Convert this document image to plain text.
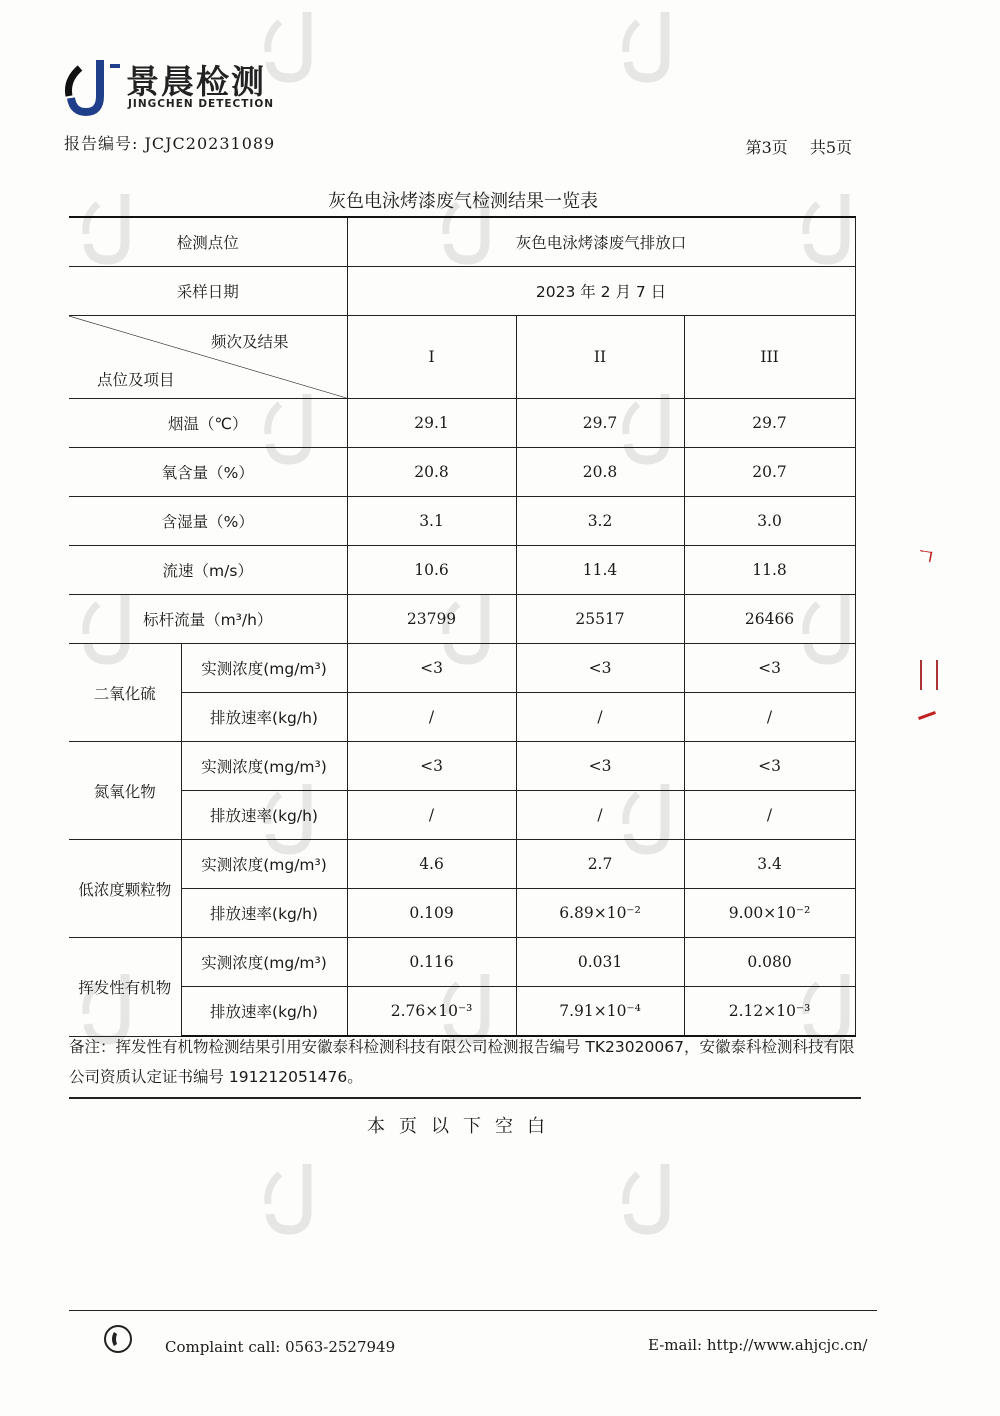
景晨检测
JINGCHEN DETECTION
报告编号: JCJC20231089	第3页 共5页
灰色电泳烤漆废气检测结果一览表
检测点位		灰色电泳烤漆废气排放口		
采样日期		2023 年 2 月 7 日		

频次及结果
点位及项目		I	II	III
烟温（℃）		29.1	29.7	29.7
氧含量（%）		20.8	20.8	20.7
含湿量（%）		3.1	3.2	3.0
流速（m/s）		10.6	11.4	11.8
标杆流量（m³/h）		23799	25517	26466
二氧化硫	实测浓度(mg/m³)	<3	<3	<3
	排放速率(kg/h)	/	/	/
氮氧化物	实测浓度(mg/m³)	<3	<3	<3
	排放速率(kg/h)	/	/	/
低浓度颗粒物	实测浓度(mg/m³)	4.6	2.7	3.4
	排放速率(kg/h)	0.109	6.89×10⁻²	9.00×10⁻²
挥发性有机物	实测浓度(mg/m³)	0.116	0.031	0.080
	排放速率(kg/h)	2.76×10⁻³	7.91×10⁻⁴	2.12×10⁻³
备注：挥发性有机物检测结果引用安徽泰科检测科技有限公司检测报告编号 TK23020067，安徽泰科检测科技有限公司资质认定证书编号 191212051476。
本页以下空白
ㄱ
Complaint call: 0563-2527949	E-mail: http://www.ahjcjc.cn/
